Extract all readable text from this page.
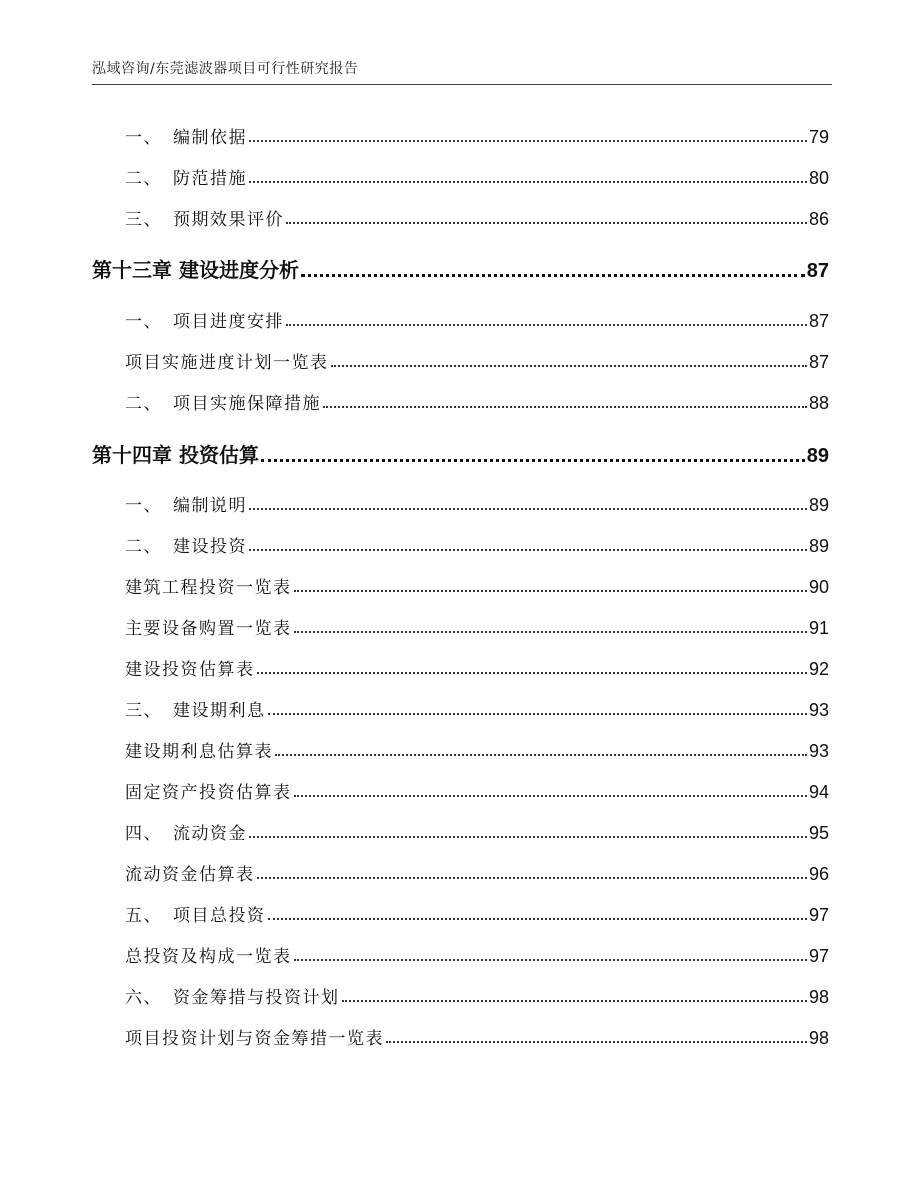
泓域咨询/东莞滤波器项目可行性研究报告
一、 编制依据	79
二、 防范措施	80
三、 预期效果评价	86
第十三章 建设进度分析	87
一、 项目进度安排	87
项目实施进度计划一览表	87
二、 项目实施保障措施	88
第十四章 投资估算	89
一、 编制说明	89
二、 建设投资	89
建筑工程投资一览表	90
主要设备购置一览表	91
建设投资估算表	92
三、 建设期利息	93
建设期利息估算表	93
固定资产投资估算表	94
四、 流动资金	95
流动资金估算表	96
五、 项目总投资	97
总投资及构成一览表	97
六、 资金筹措与投资计划	98
项目投资计划与资金筹措一览表	98
